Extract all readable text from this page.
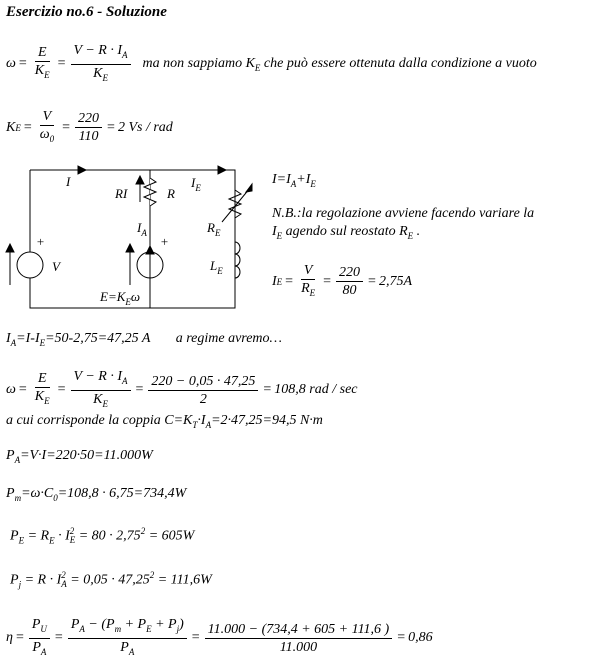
Esercizio no.6 - Soluzione
$\omega = \frac{E}{K_E} = \frac{V - R \cdot I_A}{K_E}$ ma non sappiamo $K_E$ che può essere ottenuta dalla condizione a vuoto
K $E = \frac{V}{\omega_0} = \frac{220}{110} = 2$ Vs / rad
I
RI	R
$I_E$
$R_E$
$I_A$
V	$L_E$
$E=K_E\omega$
+	+
$I=I_A+I_E$
N.B.:la regolazione avviene facendo variare la
$I_E$ agendo sul reostato $R_E$ .
I $E = \frac{V}{R_E} = \frac{220}{80} = 2,75A$
$I_A=I-I_E=50-2,75=47,25$ A a regime avremo…
$\omega = \frac{E}{K_E} = \frac{V - R \cdot I_A}{K_E} = \frac{220 - 0,05 \cdot 47,25}{2} = 108,8$ rad / sec
a cui corrisponde la coppia $C=K_T\cdot I_A=2\cdot 47,25=94,5$ N·m
$P_A=V\cdot I=220\cdot 50=11.000W$
$P_m=\omega\cdot C_0=108,8 \cdot 6,75=734,4W$
$P_E = R_E \cdot I$ 2
$E = 80 \cdot 2,75^2 = 605W$
$P_j = R \cdot I$ 2
$A = 0,05 \cdot 47,25^2 = 111,6W$
$\eta = \frac{P_U}{P_A} = \frac{P_A - (P_m + P_E + P_j)}{P_A} = \frac{11.000 - (734,4 + 605 + 111,6 )}{11.000} = 0,86$
